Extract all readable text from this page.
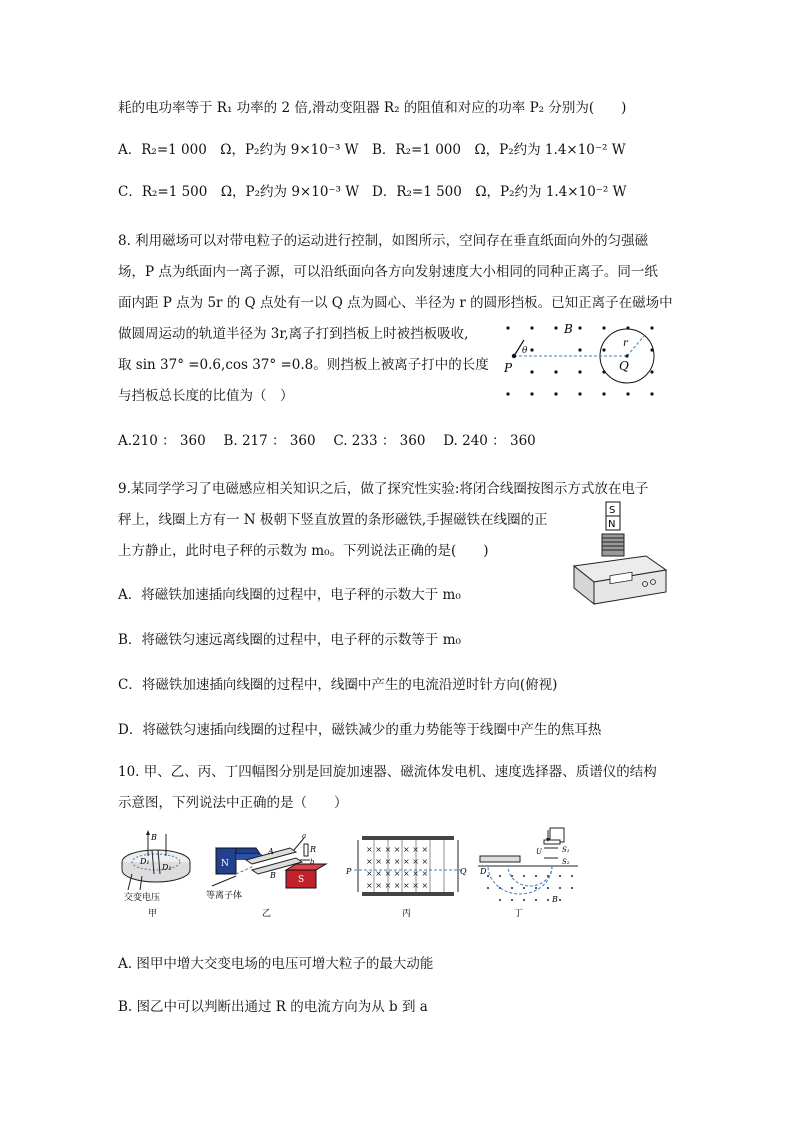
耗的电功率等于 R₁ 功率的 2 倍,滑动变阻器 R₂ 的阻值和对应的功率 P₂ 分别为(　　)
A．R₂=1 000　Ω，P₂约为 9×10⁻³ W B．R₂=1 000　Ω，P₂约为 1.4×10⁻² W
C．R₂=1 500　Ω，P₂约为 9×10⁻³ W D．R₂=1 500　Ω，P₂约为 1.4×10⁻² W
8. 利用磁场可以对带电粒子的运动进行控制，如图所示，空间存在垂直纸面向外的匀强磁
场，P 点为纸面内一离子源，可以沿纸面向各方向发射速度大小相同的同种正离子。同一纸
面内距 P 点为 5r 的 Q 点处有一以 Q 点为圆心、半径为 r 的圆形挡板。已知正离子在磁场中
做圆周运动的轨道半径为 3r,离子打到挡板上时被挡板吸收,
取 sin 37° =0.6,cos 37° =0.8。则挡板上被离子打中的长度
与挡板总长度的比值为（　）
A.210 ： 360　 B. 217 ： 360　 C. 233 ： 360　 D. 240 ： 360
B
P	Q
r
θ
9.某同学学习了电磁感应相关知识之后，做了探究性实验:将闭合线圈按图示方式放在电子
秤上，线圈上方有一 N 极朝下竖直放置的条形磁铁,手握磁铁在线圈的正
上方静止，此时电子秤的示数为 m₀。下列说法正确的是(　　)
A．将磁铁加速插向线圈的过程中，电子秤的示数大于 m₀
B．将磁铁匀速远离线圈的过程中，电子秤的示数等于 m₀
C．将磁铁加速插向线圈的过程中，线圈中产生的电流沿逆时针方向(俯视)
D．将磁铁匀速插向线圈的过程中，磁铁减少的重力势能等于线圈中产生的焦耳热
S
N
10. 甲、乙、丙、丁四幅图分别是回旋加速器、磁流体发电机、速度选择器、质谱仪的结构
示意图，下列说法中正确的是（　　）
B
D₁
D₂
交变电压
甲
N
S
A
B
R
a
b
等离子体
乙
× × × × × × ×
× × × × × × ×
× × × × × × ×
× × × × × × ×
P	Q
丙
D
B
S₁
S₂
U
丁
A. 图甲中增大交变电场的电压可增大粒子的最大动能
B. 图乙中可以判断出通过 R 的电流方向为从 b 到 a
